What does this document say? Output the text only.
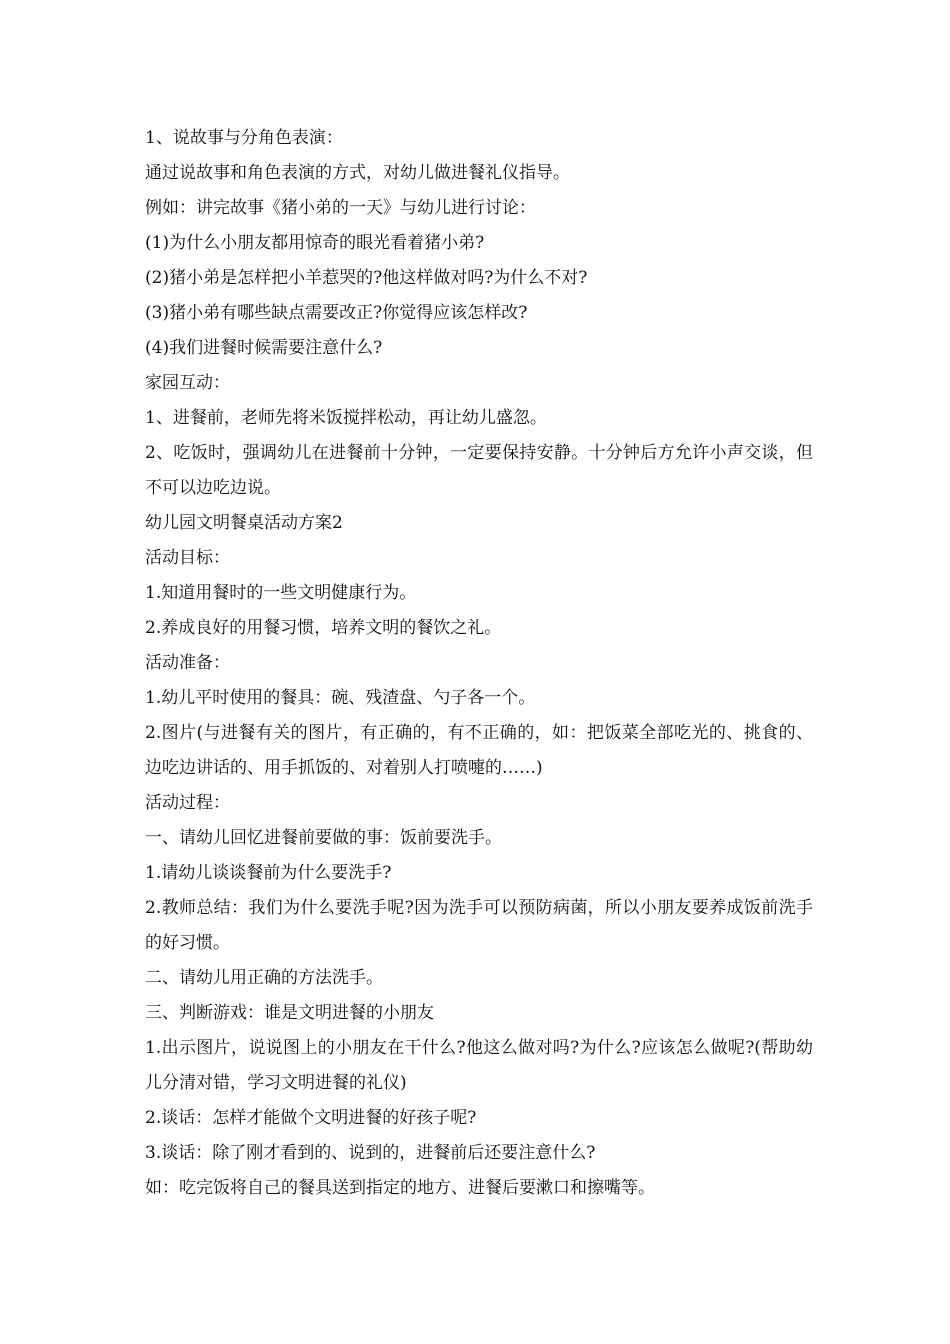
1、说故事与分角色表演：

通过说故事和角色表演的方式，对幼儿做进餐礼仪指导。

例如：讲完故事《猪小弟的一天》与幼儿进行讨论：

(1)为什么小朋友都用惊奇的眼光看着猪小弟?

(2)猪小弟是怎样把小羊惹哭的?他这样做对吗?为什么不对?

(3)猪小弟有哪些缺点需要改正?你觉得应该怎样改?

(4)我们进餐时候需要注意什么?

家园互动：

1、进餐前，老师先将米饭搅拌松动，再让幼儿盛忽。

2、吃饭时，强调幼儿在进餐前十分钟，一定要保持安静。十分钟后方允许小声交谈，但不可以边吃边说。

幼儿园文明餐桌活动方案2

活动目标：

1.知道用餐时的一些文明健康行为。

2.养成良好的用餐习惯，培养文明的餐饮之礼。

活动准备：

1.幼儿平时使用的餐具：碗、残渣盘、勺子各一个。

2.图片(与进餐有关的图片，有正确的，有不正确的，如：把饭菜全部吃光的、挑食的、边吃边讲话的、用手抓饭的、对着别人打喷嚏的……)

活动过程：

一、请幼儿回忆进餐前要做的事：饭前要洗手。

1.请幼儿谈谈餐前为什么要洗手?

2.教师总结：我们为什么要洗手呢?因为洗手可以预防病菌，所以小朋友要养成饭前洗手的好习惯。

二、请幼儿用正确的方法洗手。

三、判断游戏：谁是文明进餐的小朋友

1.出示图片，说说图上的小朋友在干什么?他这么做对吗?为什么?应该怎么做呢?(帮助幼儿分清对错，学习文明进餐的礼仪)

2.谈话：怎样才能做个文明进餐的好孩子呢?

3.谈话：除了刚才看到的、说到的，进餐前后还要注意什么?

如：吃完饭将自己的餐具送到指定的地方、进餐后要漱口和擦嘴等。
